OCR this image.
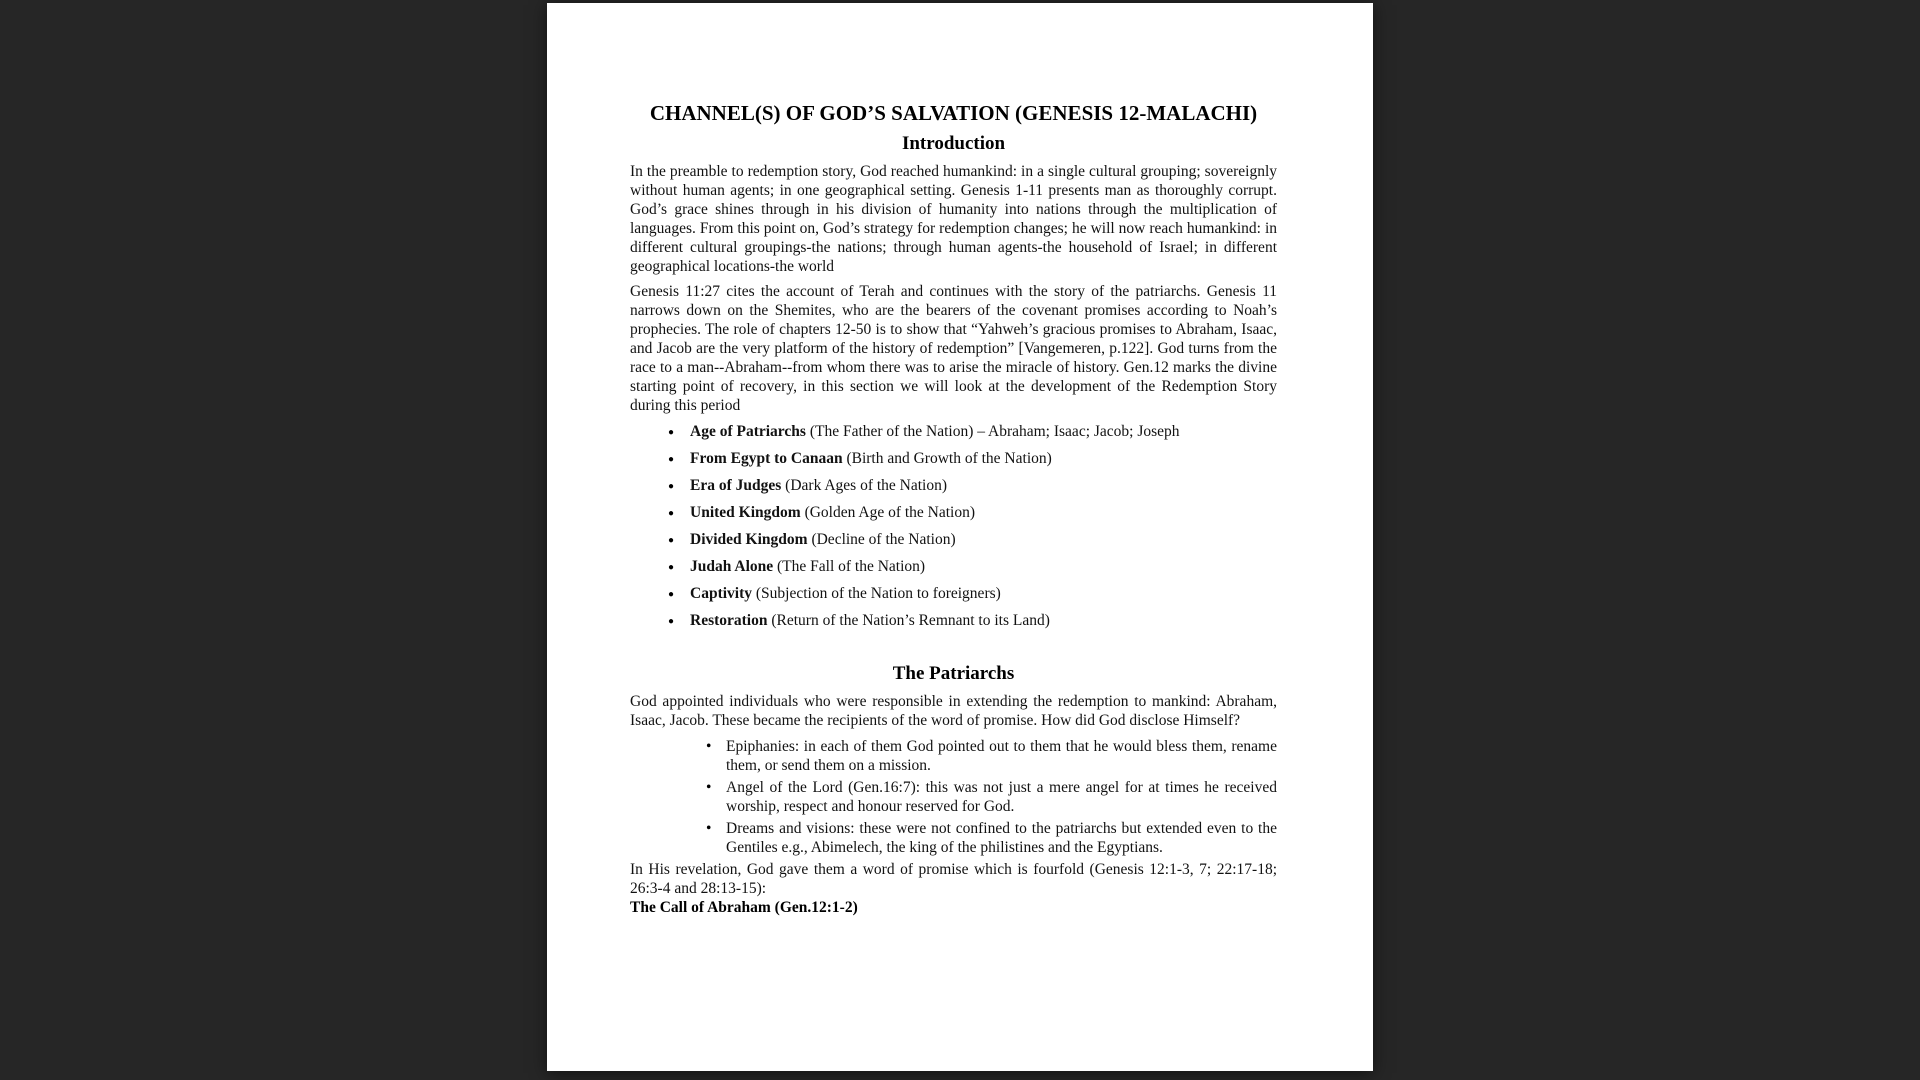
CHANNEL(S) OF GOD’S SALVATION (GENESIS 12-MALACHI)
Introduction

In the preamble to redemption story, God reached humankind: in a single cultural grouping; sovereignly without human agents; in one geographical setting. Genesis 1-11 presents man as thoroughly corrupt. God’s grace shines through in his division of humanity into nations through the multiplication of languages. From this point on, God’s strategy for redemption changes; he will now reach humankind: in different cultural groupings-the nations; through human agents-the household of Israel; in different geographical locations-the world

Genesis 11:27 cites the account of Terah and continues with the story of the patriarchs. Genesis 11 narrows down on the Shemites, who are the bearers of the covenant promises according to Noah’s prophecies. The role of chapters 12-50 is to show that “Yahweh’s gracious promises to Abraham, Isaac, and Jacob are the very platform of the history of redemption” [Vangemeren, p.122]. God turns from the race to a man--Abraham--from whom there was to arise the miracle of history. Gen.12 marks the divine starting point of recovery, in this section we will look at the development of the Redemption Story during this period

● Age of Patriarchs (The Father of the Nation) – Abraham; Isaac; Jacob; Joseph
● From Egypt to Canaan (Birth and Growth of the Nation)
● Era of Judges (Dark Ages of the Nation)
● United Kingdom (Golden Age of the Nation)
● Divided Kingdom (Decline of the Nation)
● Judah Alone (The Fall of the Nation)
● Captivity (Subjection of the Nation to foreigners)
● Restoration (Return of the Nation’s Remnant to its Land)
The Patriarchs

God appointed individuals who were responsible in extending the redemption to mankind: Abraham, Isaac, Jacob. These became the recipients of the word of promise. How did God disclose Himself?

• Epiphanies: in each of them God pointed out to them that he would bless them, rename them, or send them on a mission.
• Angel of the Lord (Gen.16:7): this was not just a mere angel for at times he received worship, respect and honour reserved for God.
• Dreams and visions: these were not confined to the patriarchs but extended even to the Gentiles e.g., Abimelech, the king of the philistines and the Egyptians.

In His revelation, God gave them a word of promise which is fourfold (Genesis 12:1-3, 7; 22:17-18; 26:3-4 and 28:13-15):

The Call of Abraham (Gen.12:1-2)
